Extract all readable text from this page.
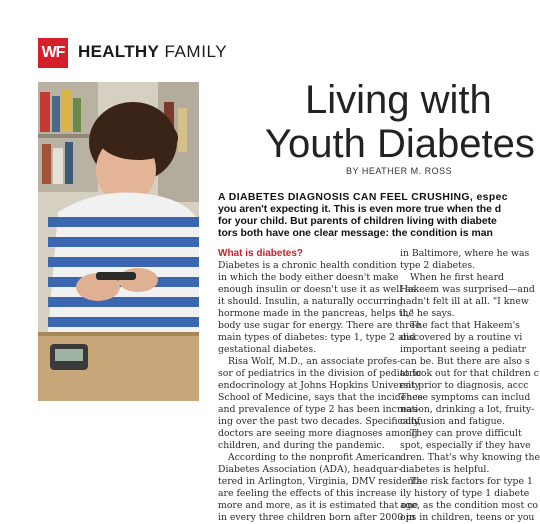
WF HEALTHY FAMILY
Living with
Youth Diabetes
BY HEATHER M. ROSS
A DIABETES DIAGNOSIS CAN FEEL CRUSHING, espec
you aren't expecting it. This is even more true when the d
for your child. But parents of children living with diabete
tors both have one clear message: the condition is man
What is diabetes?
Diabetes is a chronic health condition
in which the body either doesn't make
enough insulin or doesn't use it as well as
it should. Insulin, a naturally occurring
hormone made in the pancreas, helps the
body use sugar for energy. There are three
main types of diabetes: type 1, type 2 and
gestational diabetes.
Risa Wolf, M.D., an associate profes-
sor of pediatrics in the division of pediatric
endocrinology at Johns Hopkins University
School of Medicine, says that the incidence
and prevalence of type 2 has been increas-
ing over the past two decades. Specifically,
doctors are seeing more diagnoses among
children, and during the pandemic.
According to the nonprofit American
Diabetes Association (ADA), headquar-
tered in Arlington, Virginia, DMV residents
are feeling the effects of this increase
more and more, as it is estimated that one
in every three children born after 2000 in
in Baltimore, where he was
type 2 diabetes.
When he first heard
Hakeem was surprised—and
hadn't felt ill at all. "I knew
it," he says.
The fact that Hakeem's
discovered by a routine vi
important seeing a pediatr
can be. But there are also s
to look out for that children c
ent prior to diagnosis, accc
These symptoms can includ
nation, drinking a lot, fruity-
confusion and fatigue.
They can prove difficult
spot, especially if they have
dren. That's why knowing the
diabetes is helpful.
The risk factors for type 1
ily history of type 1 diabete
age, as the condition most co
ops in children, teens or you
